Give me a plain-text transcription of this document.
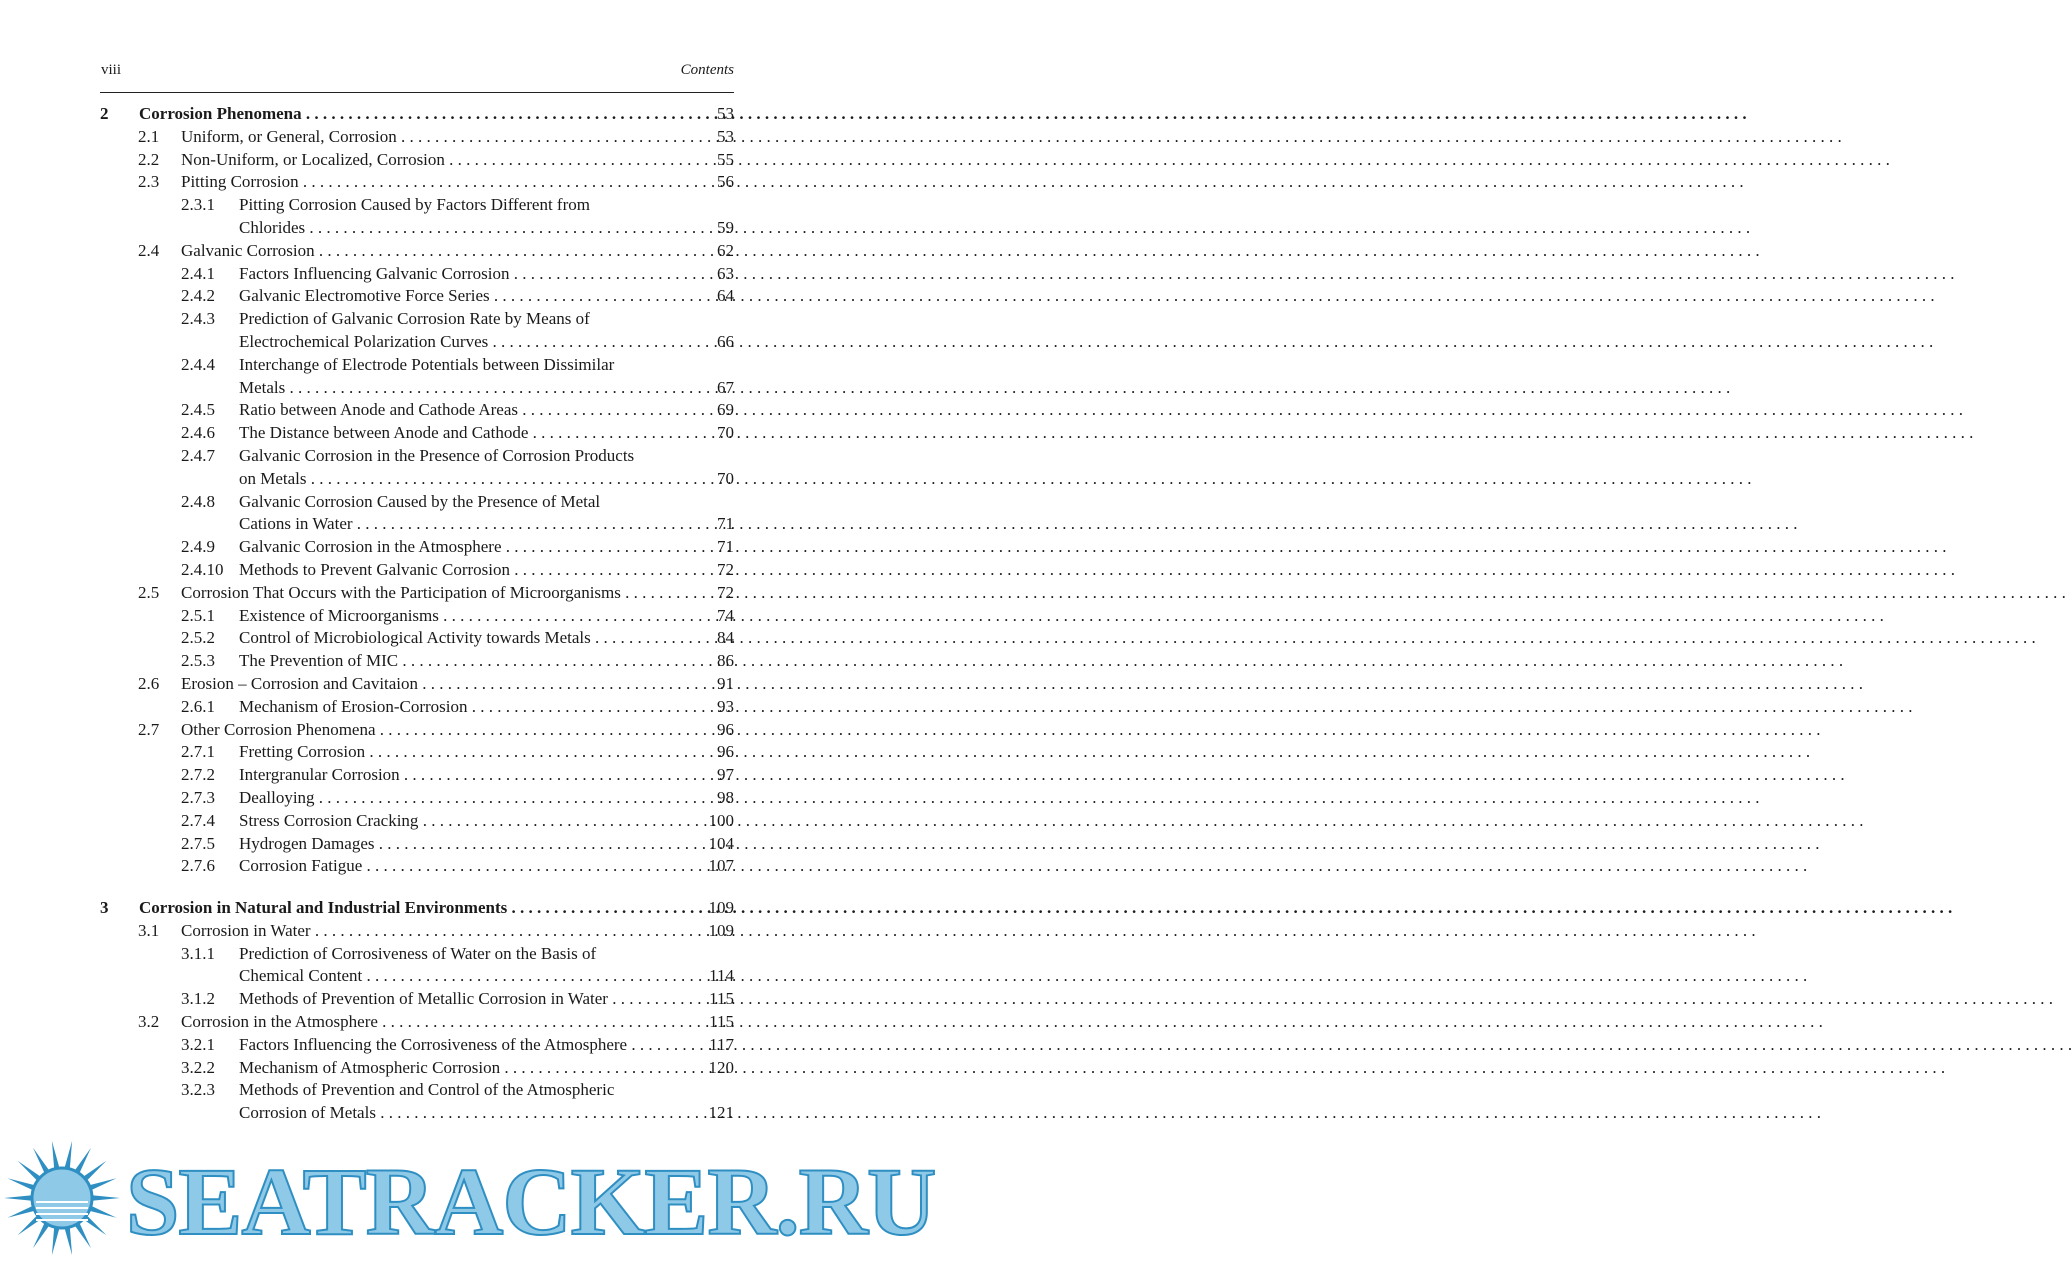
viii	Contents
2 Corrosion Phenomena . . .	53
2.1 Uniform, or General, Corrosion . . .	53
2.2 Non-Uniform, or Localized, Corrosion . . .	55
2.3 Pitting Corrosion . . .	56
2.3.1 Pitting Corrosion Caused by Factors Different from
Chlorides . . .	59
2.4 Galvanic Corrosion . . .	62
2.4.1 Factors Influencing Galvanic Corrosion . . .	63
2.4.2 Galvanic Electromotive Force Series . . .	64
2.4.3 Prediction of Galvanic Corrosion Rate by Means of
Electrochemical Polarization Curves . . .	66
2.4.4 Interchange of Electrode Potentials between Dissimilar
Metals . . .	67
2.4.5 Ratio between Anode and Cathode Areas . . .	69
2.4.6 The Distance between Anode and Cathode . . .	70
2.4.7 Galvanic Corrosion in the Presence of Corrosion Products
on Metals . . .	70
2.4.8 Galvanic Corrosion Caused by the Presence of Metal
Cations in Water . . .	71
2.4.9 Galvanic Corrosion in the Atmosphere . . .	71
2.4.10 Methods to Prevent Galvanic Corrosion . . .	72
2.5 Corrosion That Occurs with the Participation of Microorganisms . . .	72
2.5.1 Existence of Microorganisms . . .	74
2.5.2 Control of Microbiological Activity towards Metals . . .	84
2.5.3 The Prevention of MIC . . .	86
2.6 Erosion – Corrosion and Cavitaion . . .	91
2.6.1 Mechanism of Erosion-Corrosion . . .	93
2.7 Other Corrosion Phenomena . . .	96
2.7.1 Fretting Corrosion . . .	96
2.7.2 Intergranular Corrosion . . .	97
2.7.3 Dealloying . . .	98
2.7.4 Stress Corrosion Cracking . . .	100
2.7.5 Hydrogen Damages . . .	104
2.7.6 Corrosion Fatigue . . .	107
3 Corrosion in Natural and Industrial Environments . . .	109
3.1 Corrosion in Water . . .	109
3.1.1 Prediction of Corrosiveness of Water on the Basis of
Chemical Content . . .	114
3.1.2 Methods of Prevention of Metallic Corrosion in Water . . .	115
3.2 Corrosion in the Atmosphere . . .	115
3.2.1 Factors Influencing the Corrosiveness of the Atmosphere . . .	117
3.2.2 Mechanism of Atmospheric Corrosion . . .	120
3.2.3 Methods of Prevention and Control of the Atmospheric
Corrosion of Metals . . .	121
SEATRACKER.RU
